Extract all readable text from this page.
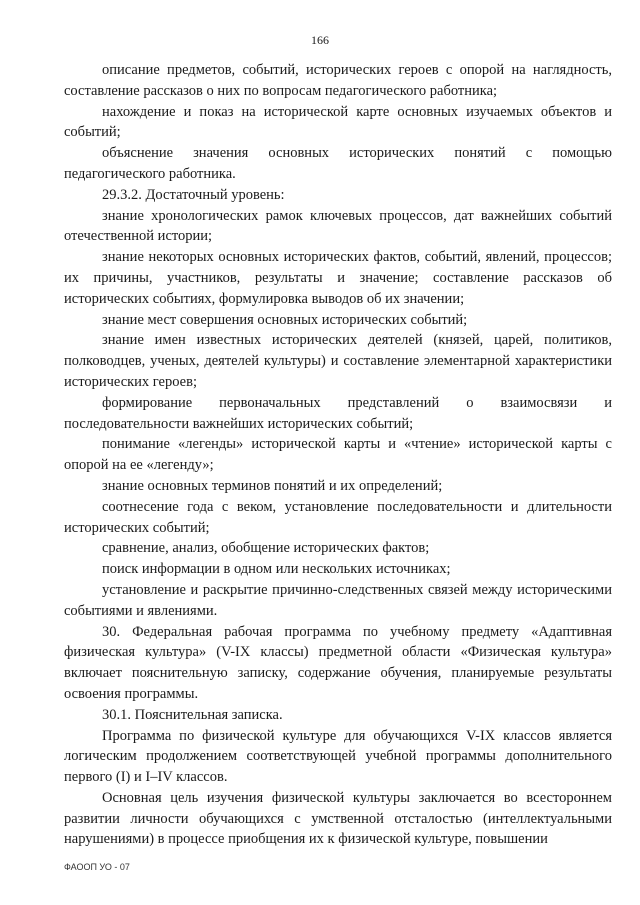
166

описание предметов, событий, исторических героев с опорой на наглядность, составление рассказов о них по вопросам педагогического работника;

нахождение и показ на исторической карте основных изучаемых объектов и событий;

объяснение значения основных исторических понятий с помощью педагогического работника.

29.3.2. Достаточный уровень:

знание хронологических рамок ключевых процессов, дат важнейших событий отечественной истории;

знание некоторых основных исторических фактов, событий, явлений, процессов; их причины, участников, результаты и значение; составление рассказов об исторических событиях, формулировка выводов об их значении;

знание мест совершения основных исторических событий;

знание имен известных исторических деятелей (князей, царей, политиков, полководцев, ученых, деятелей культуры) и составление элементарной характеристики исторических героев;

формирование первоначальных представлений о взаимосвязи и последовательности важнейших исторических событий;

понимание «легенды» исторической карты и «чтение» исторической карты с опорой на ее «легенду»;

знание основных терминов понятий и их определений;

соотнесение года с веком, установление последовательности и длительности исторических событий;

сравнение, анализ, обобщение исторических фактов;

поиск информации в одном или нескольких источниках;

установление и раскрытие причинно-следственных связей между историческими событиями и явлениями.

30. Федеральная рабочая программа по учебному предмету «Адаптивная физическая культура» (V-IX классы) предметной области «Физическая культура» включает пояснительную записку, содержание обучения, планируемые результаты освоения программы.

30.1. Пояснительная записка.

Программа по физической культуре для обучающихся V-IX классов является логическим продолжением соответствующей учебной программы дополнительного первого (I) и I–IV классов.

Основная цель изучения физической культуры заключается во всестороннем развитии личности обучающихся с умственной отсталостью (интеллектуальными нарушениями) в процессе приобщения их к физической культуре, повышении

ФАООП УО - 07
